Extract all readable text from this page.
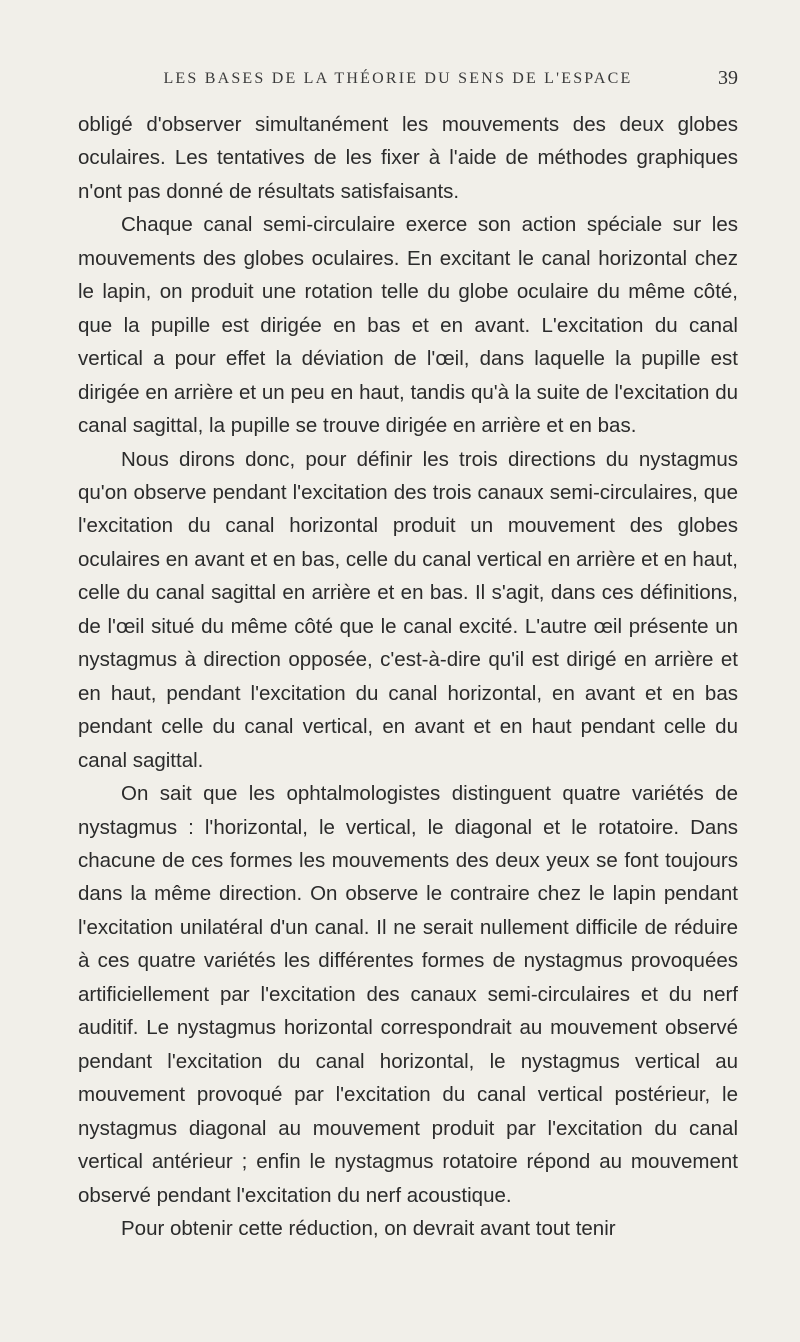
LES BASES DE LA THÉORIE DU SENS DE L'ESPACE	39

obligé d'observer simultanément les mouvements des deux globes oculaires. Les tentatives de les fixer à l'aide de méthodes graphiques n'ont pas donné de résultats satisfaisants.

Chaque canal semi-circulaire exerce son action spéciale sur les mouvements des globes oculaires. En excitant le canal horizontal chez le lapin, on produit une rotation telle du globe oculaire du même côté, que la pupille est dirigée en bas et en avant. L'excitation du canal vertical a pour effet la déviation de l'œil, dans laquelle la pupille est dirigée en arrière et un peu en haut, tandis qu'à la suite de l'excitation du canal sagittal, la pupille se trouve dirigée en arrière et en bas.

Nous dirons donc, pour définir les trois directions du nystagmus qu'on observe pendant l'excitation des trois canaux semi-circulaires, que l'excitation du canal horizontal produit un mouvement des globes oculaires en avant et en bas, celle du canal vertical en arrière et en haut, celle du canal sagittal en arrière et en bas. Il s'agit, dans ces définitions, de l'œil situé du même côté que le canal excité. L'autre œil présente un nystagmus à direction opposée, c'est-à-dire qu'il est dirigé en arrière et en haut, pendant l'excitation du canal horizontal, en avant et en bas pendant celle du canal vertical, en avant et en haut pendant celle du canal sagittal.

On sait que les ophtalmologistes distinguent quatre variétés de nystagmus : l'horizontal, le vertical, le diagonal et le rotatoire. Dans chacune de ces formes les mouvements des deux yeux se font toujours dans la même direction. On observe le contraire chez le lapin pendant l'excitation unilatéral d'un canal. Il ne serait nullement difficile de réduire à ces quatre variétés les différentes formes de nystagmus provoquées artificiellement par l'excitation des canaux semi-circulaires et du nerf auditif. Le nystagmus horizontal correspondrait au mouvement observé pendant l'excitation du canal horizontal, le nystagmus vertical au mouvement provoqué par l'excitation du canal vertical postérieur, le nystagmus diagonal au mouvement produit par l'excitation du canal vertical antérieur ; enfin le nystagmus rotatoire répond au mouvement observé pendant l'excitation du nerf acoustique.

Pour obtenir cette réduction, on devrait avant tout tenir
